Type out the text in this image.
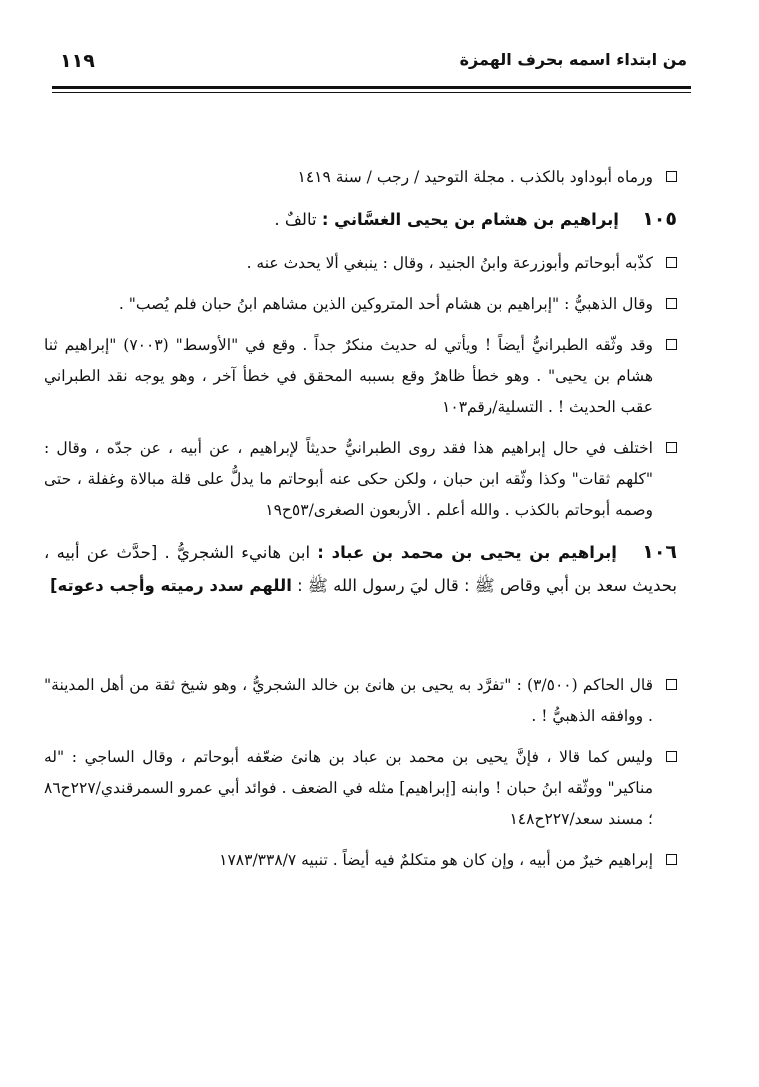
١١٩	من ابتداء اسمه بحرف الهمزة
ورماه أبوداود بالكذب . مجلة التوحيد / رجب / سنة ١٤١٩
١٠٥ إبراهيم بن هشام بن يحيى الغسَّاني : تالفٌ .
كذّبه أبوحاتم وأبوزرعة وابنُ الجنيد ، وقال : ينبغي ألا يحدث عنه .
وقال الذهبيُّ : "إبراهيم بن هشام أحد المتروكين الذين مشاهم ابنُ حبان فلم يُصب" .
وقد وثّقه الطبرانيُّ أيضاً ! ويأتي له حديث منكرٌ جداً . وقع في "الأوسط" (٧٠٠٣) "إبراهيم ثنا هشام بن يحيى" . وهو خطأ ظاهرٌ وقع بسببه المحقق في خطأ آخر ، وهو يوجه نقد الطبراني عقب الحديث ! . التسلية/رقم١٠٣
اختلف في حال إبراهيم هذا فقد روى الطبرانيُّ حديثاً لإبراهيم ، عن أبيه ، عن جدّه ، وقال : "كلهم ثقات" وكذا وثّقه ابن حبان ، ولكن حكى عنه أبوحاتم ما يدلُّ على قلة مبالاة وغفلة ، حتى وصمه أبوحاتم بالكذب . والله أعلم . الأربعون الصغرى/٥٣ح١٩
١٠٦ إبراهيم بن يحيى بن محمد بن عباد : ابن هانيء الشجريُّ . [حدَّث عن أبيه ، بحديث سعد بن أبي وقاص ﷺ : قال ليَ رسول الله ﷺ : اللهم سدد رميته وأجب دعوته]
قال الحاكم (٣/٥٠٠) : "تفرَّد به يحيى بن هانئ بن خالد الشجريُّ ، وهو شيخ ثقة من أهل المدينة" . ووافقه الذهبيُّ ! .
وليس كما قالا ، فإنَّ يحيى بن محمد بن عباد بن هانئ ضعّفه أبوحاتم ، وقال الساجي : "له مناكير" ووثّقه ابنُ حبان ! وابنه [إبراهيم] مثله في الضعف . فوائد أبي عمرو السمرقندي/٢٢٧ح٨٦ ؛ مسند سعد/٢٢٧ح١٤٨
إبراهيم خيرٌ من أبيه ، وإن كان هو متكلمٌ فيه أيضاً . تنبيه ١٧٨٣/٣٣٨/٧
